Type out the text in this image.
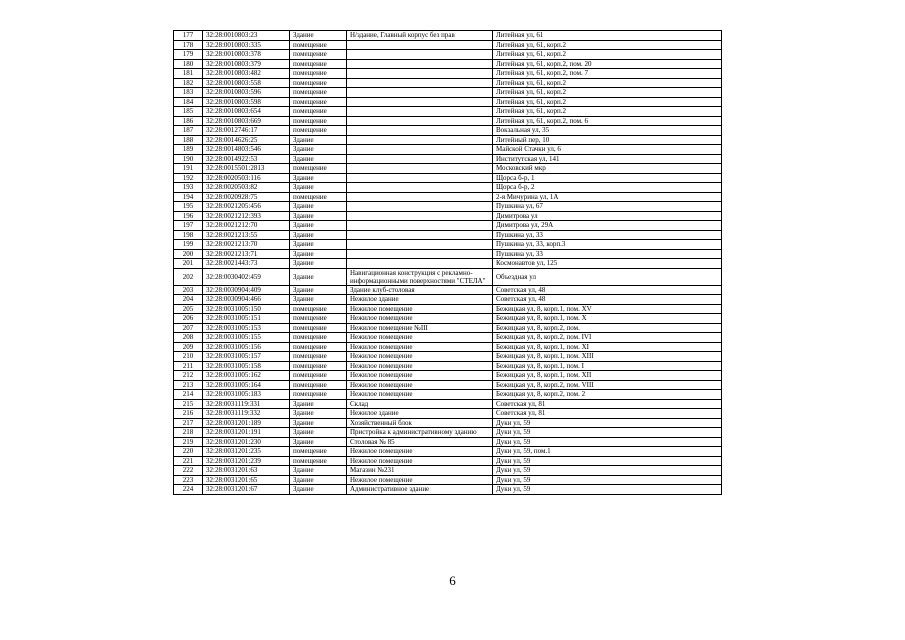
177	32:28:0010803:23	Здание	Н/здание, Главный корпус без прав	Литейная ул, 61
178	32:28:0010803:335	помещение		Литейная ул, 61, корп.2
179	32:28:0010803:378	помещение		Литейная ул, 61, корп.2
180	32:28:0010803:379	помещение		Литейная ул, 61, корп.2, пом. 20
181	32:28:0010803:482	помещение		Литейная ул, 61, корп.2, пом. 7
182	32:28:0010803:558	помещение		Литейная ул, 61, корп.2
183	32:28:0010803:596	помещение		Литейная ул, 61, корп.2
184	32:28:0010803:598	помещение		Литейная ул, 61, корп.2
185	32:28:0010803:654	помещение		Литейная ул, 61, корп.2
186	32:28:0010803:669	помещение		Литейная ул, 61, корп.2, пом. 6
187	32:28:0012746:17	помещение		Вокзальная ул, 35
188	32:28:0014626:25	Здание		Литейный пер, 10
189	32:28:0014803:546	Здание		Майской Стачки ул, 6
190	32:28:0014922:53	Здание		Институтская ул, 141
191	32:28:0015501:2813	помещение		Московский мкр
192	32:28:0020503:116	Здание		Щорса б-р, 1
193	32:28:0020503:82	Здание		Щорса б-р, 2
194	32:28:0020928:75	помещение		2-я Мичурина ул, 1А
195	32:28:0021205:456	Здание		Пушкина ул, 67
196	32:28:0021212:393	Здание		Димитрова ул
197	32:28:0021212:70	Здание		Димитрова ул, 29А
198	32:28:0021213:55	Здание		Пушкина ул, 33
199	32:28:0021213:70	Здание		Пушкина ул, 33, корп.3
200	32:28:0021213:71	Здание		Пушкина ул, 33
201	32:28:0021443:73	Здание		Космонавтов ул, 125
202	32:28:0030402:459	Здание	Навигационная конструкция с рекламно-информационными поверхностями "СТЕЛА"	Объездная ул
203	32:28:0030904:409	Здание	Здание клуб-столовая	Советская ул, 48
204	32:28:0030904:466	Здание	Нежилое здание	Советская ул, 48
205	32:28:0031005:150	помещение	Нежилое помещение	Бежицкая ул, 8, корп.1, пом. XV
206	32:28:0031005:151	помещение	Нежилое помещение	Бежицкая ул, 8, корп.1, пом. X
207	32:28:0031005:153	помещение	Нежилое помещение №III	Бежицкая ул, 8, корп.2, пом.
208	32:28:0031005:155	помещение	Нежилое помещение	Бежицкая ул, 8, корп.2, пом. IVI
209	32:28:0031005:156	помещение	Нежилое помещение	Бежицкая ул, 8, корп.1, пом. XI
210	32:28:0031005:157	помещение	Нежилое помещение	Бежицкая ул, 8, корп.1, пом. XIII
211	32:28:0031005:158	помещение	Нежилое помещение	Бежицкая ул, 8, корп.1, пом. I
212	32:28:0031005:162	помещение	Нежилое помещение	Бежицкая ул, 8, корп.1, пом. XII
213	32:28:0031005:164	помещение	Нежилое помещение	Бежицкая ул, 8, корп.2, пом. VIII
214	32:28:0031005:183	помещение	Нежилое помещение	Бежицкая ул, 8, корп.2, пом. 2
215	32:28:0031119:331	Здание	Склад	Советская ул, 81
216	32:28:0031119:332	Здание	Нежилое здание	Советская ул, 81
217	32:28:0031201:189	Здание	Хозяйственный блок	Дуки ул, 59
218	32:28:0031201:191	Здание	Пристройка к административному зданию	Дуки ул, 59
219	32:28:0031201:230	Здание	Столовая № 85	Дуки ул, 59
220	32:28:0031201:235	помещение	Нежилое помещение	Дуки ул, 59, пом.1
221	32:28:0031201:239	помещение	Нежилое помещение	Дуки ул, 59
222	32:28:0031201:63	Здание	Магазин №231	Дуки ул, 59
223	32:28:0031201:65	Здание	Нежилое помещение	Дуки ул, 59
224	32:28:0031201:67	Здание	Административное здание	Дуки ул, 59
6
